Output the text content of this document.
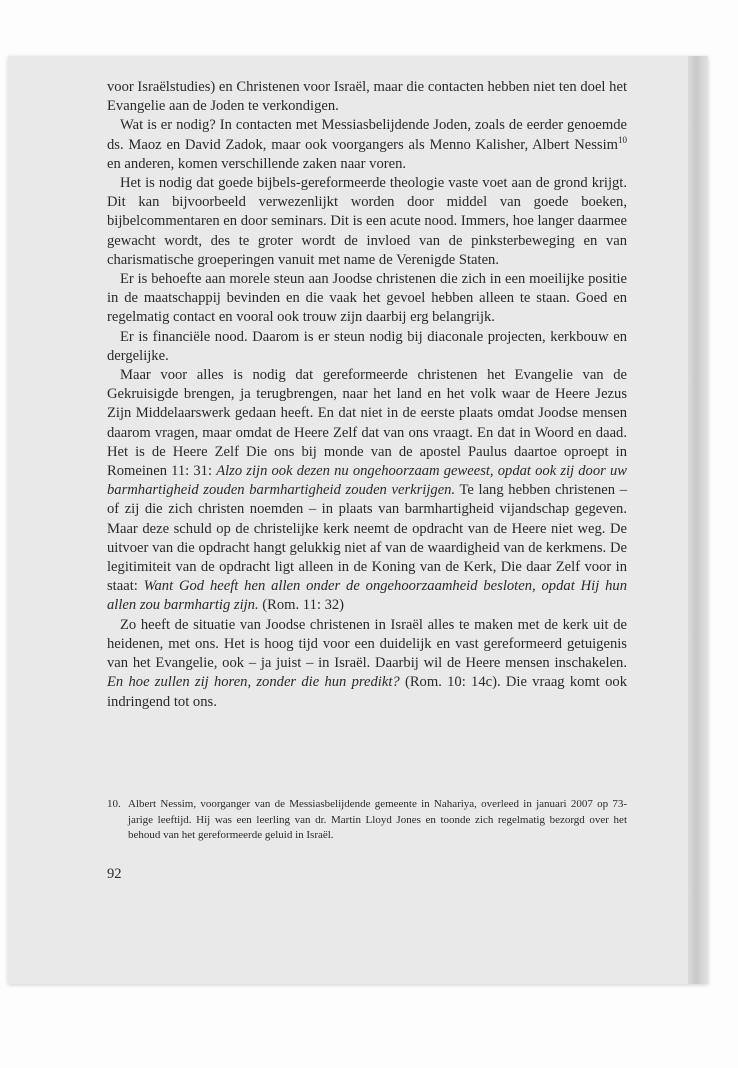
voor Israëlstudies) en Christenen voor Israël, maar die contacten hebben niet ten doel het Evangelie aan de Joden te verkondigen.

Wat is er nodig? In contacten met Messiasbelijdende Joden, zoals de eerder genoemde ds. Maoz en David Zadok, maar ook voorgangers als Menno Kalisher, Albert Nessim$^{10}$ en anderen, komen verschillende zaken naar voren.

Het is nodig dat goede bijbels-gereformeerde theologie vaste voet aan de grond krijgt. Dit kan bijvoorbeeld verwezenlijkt worden door middel van goede boeken, bijbelcommentaren en door seminars. Dit is een acute nood. Immers, hoe langer daarmee gewacht wordt, des te groter wordt de invloed van de pinksterbeweging en van charismatische groeperingen vanuit met name de Verenigde Staten.

Er is behoefte aan morele steun aan Joodse christenen die zich in een moeilijke positie in de maatschappij bevinden en die vaak het gevoel hebben alleen te staan. Goed en regelmatig contact en vooral ook trouw zijn daarbij erg belangrijk.

Er is financiële nood. Daarom is er steun nodig bij diaconale projecten, kerkbouw en dergelijke.

Maar voor alles is nodig dat gereformeerde christenen het Evangelie van de Gekruisigde brengen, ja terugbrengen, naar het land en het volk waar de Heere Jezus Zijn Middelaarswerk gedaan heeft. En dat niet in de eerste plaats omdat Joodse mensen daarom vragen, maar omdat de Heere Zelf dat van ons vraagt. En dat in Woord en daad. Het is de Heere Zelf Die ons bij monde van de apostel Paulus daartoe oproept in Romeinen 11: 31: Alzo zijn ook dezen nu ongehoorzaam geweest, opdat ook zij door uw barmhartigheid zouden barmhartigheid zouden verkrijgen. Te lang hebben christenen – of zij die zich christen noemden – in plaats van barmhartigheid vijandschap gegeven. Maar deze schuld op de christelijke kerk neemt de opdracht van de Heere niet weg. De uitvoer van die opdracht hangt gelukkig niet af van de waardigheid van de kerkmens. De legitimiteit van de opdracht ligt alleen in de Koning van de Kerk, Die daar Zelf voor in staat: Want God heeft hen allen onder de ongehoorzaamheid besloten, opdat Hij hun allen zou barmhartig zijn. (Rom. 11: 32)

Zo heeft de situatie van Joodse christenen in Israël alles te maken met de kerk uit de heidenen, met ons. Het is hoog tijd voor een duidelijk en vast gereformeerd getuigenis van het Evangelie, ook – ja juist – in Israël. Daarbij wil de Heere mensen inschakelen. En hoe zullen zij horen, zonder die hun predikt? (Rom. 10: 14c). Die vraag komt ook indringend tot ons.

10. Albert Nessim, voorganger van de Messiasbelijdende gemeente in Nahariya, overleed in januari 2007 op 73-jarige leeftijd. Hij was een leerling van dr. Martin Lloyd Jones en toonde zich regelmatig bezorgd over het behoud van het gereformeerde geluid in Israël.
92
